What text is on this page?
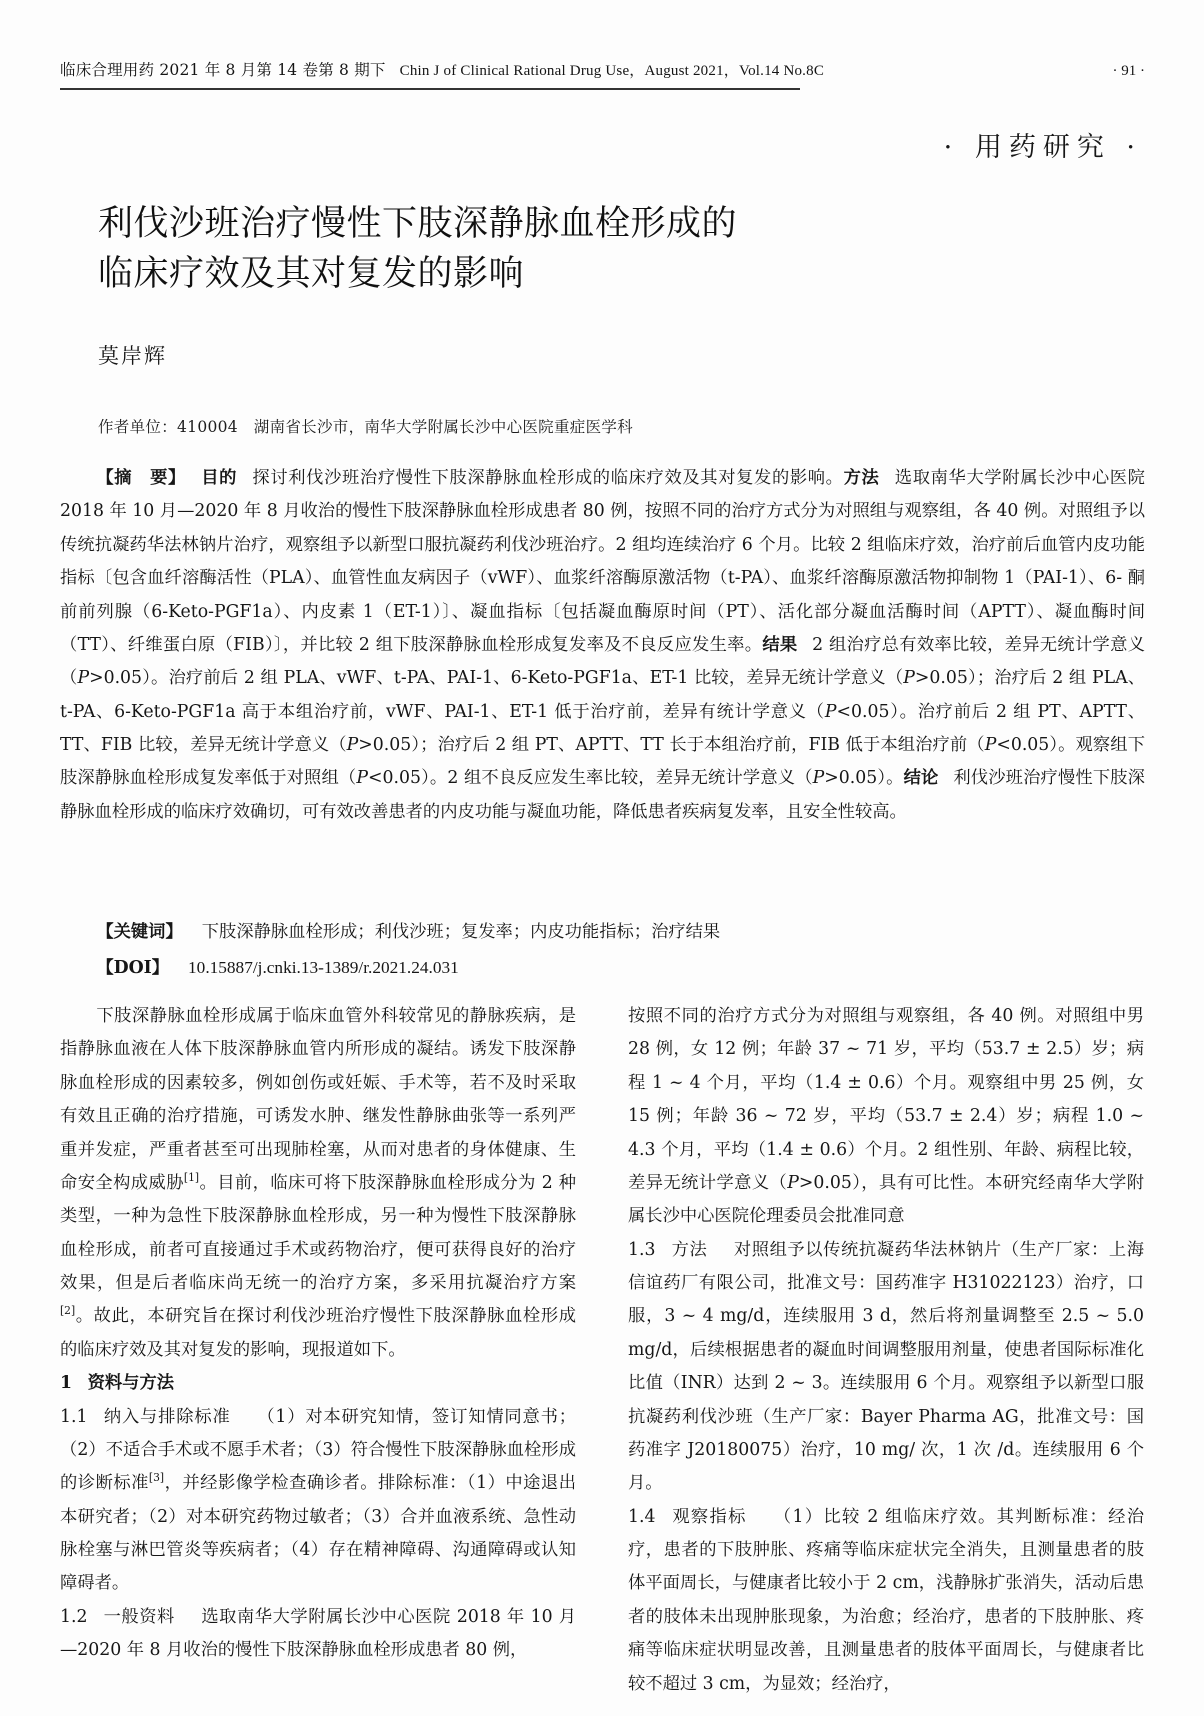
临床合理用药 2021 年 8 月第 14 卷第 8 期下 Chin J of Clinical Rational Drug Use，August 2021，Vol.14 No.8C	· 91 ·
· 用药研究 ·
利伐沙班治疗慢性下肢深静脉血栓形成的
临床疗效及其对复发的影响
莫岸辉
作者单位：410004　湖南省长沙市，南华大学附属长沙中心医院重症医学科

【摘　要】 目的 探讨利伐沙班治疗慢性下肢深静脉血栓形成的临床疗效及其对复发的影响。方法 选取南华大学附属长沙中心医院 2018 年 10 月—2020 年 8 月收治的慢性下肢深静脉血栓形成患者 80 例，按照不同的治疗方式分为对照组与观察组，各 40 例。对照组予以传统抗凝药华法林钠片治疗，观察组予以新型口服抗凝药利伐沙班治疗。2 组均连续治疗 6 个月。比较 2 组临床疗效，治疗前后血管内皮功能指标〔包含血纤溶酶活性（PLA）、血管性血友病因子（vWF）、血浆纤溶酶原激活物（t-PA）、血浆纤溶酶原激活物抑制物 1（PAI-1）、6- 酮前前列腺（6-Keto-PGF1a）、内皮素 1（ET-1）〕、凝血指标〔包括凝血酶原时间（PT）、活化部分凝血活酶时间（APTT）、凝血酶时间（TT）、纤维蛋白原（FIB）〕，并比较 2 组下肢深静脉血栓形成复发率及不良反应发生率。结果 2 组治疗总有效率比较，差异无统计学意义（P>0.05）。治疗前后 2 组 PLA、vWF、t-PA、PAI-1、6-Keto-PGF1a、ET-1 比较，差异无统计学意义（P>0.05）；治疗后 2 组 PLA、t-PA、6-Keto-PGF1a 高于本组治疗前，vWF、PAI-1、ET-1 低于治疗前，差异有统计学意义（P<0.05）。治疗前后 2 组 PT、APTT、TT、FIB 比较，差异无统计学意义（P>0.05）；治疗后 2 组 PT、APTT、TT 长于本组治疗前，FIB 低于本组治疗前（P<0.05）。观察组下肢深静脉血栓形成复发率低于对照组（P<0.05）。2 组不良反应发生率比较，差异无统计学意义（P>0.05）。结论 利伐沙班治疗慢性下肢深静脉血栓形成的临床疗效确切，可有效改善患者的内皮功能与凝血功能，降低患者疾病复发率，且安全性较高。

【关键词】 下肢深静脉血栓形成；利伐沙班；复发率；内皮功能指标；治疗结果
【DOI】 10.15887/j.cnki.13-1389/r.2021.24.031

下肢深静脉血栓形成属于临床血管外科较常见的静脉疾病，是指静脉血液在人体下肢深静脉血管内所形成的凝结。诱发下肢深静脉血栓形成的因素较多，例如创伤或妊娠、手术等，若不及时采取有效且正确的治疗措施，可诱发水肿、继发性静脉曲张等一系列严重并发症，严重者甚至可出现肺栓塞，从而对患者的身体健康、生命安全构成威胁[1]。目前，临床可将下肢深静脉血栓形成分为 2 种类型，一种为急性下肢深静脉血栓形成，另一种为慢性下肢深静脉血栓形成，前者可直接通过手术或药物治疗，便可获得良好的治疗效果，但是后者临床尚无统一的治疗方案，多采用抗凝治疗方案[2]。故此，本研究旨在探讨利伐沙班治疗慢性下肢深静脉血栓形成的临床疗效及其对复发的影响，现报道如下。

1 资料与方法

1.1 纳入与排除标准 （1）对本研究知情，签订知情同意书；（2）不适合手术或不愿手术者；（3）符合慢性下肢深静脉血栓形成的诊断标准[3]，并经影像学检查确诊者。排除标准：（1）中途退出本研究者；（2）对本研究药物过敏者；（3）合并血液系统、急性动脉栓塞与淋巴管炎等疾病者；（4）存在精神障碍、沟通障碍或认知障碍者。

1.2 一般资料 选取南华大学附属长沙中心医院 2018 年 10 月—2020 年 8 月收治的慢性下肢深静脉血栓形成患者 80 例，

按照不同的治疗方式分为对照组与观察组，各 40 例。对照组中男 28 例，女 12 例；年龄 37 ~ 71 岁，平均（53.7 ± 2.5）岁；病程 1 ~ 4 个月，平均（1.4 ± 0.6）个月。观察组中男 25 例，女 15 例；年龄 36 ~ 72 岁，平均（53.7 ± 2.4）岁；病程 1.0 ~ 4.3 个月，平均（1.4 ± 0.6）个月。2 组性别、年龄、病程比较，差异无统计学意义（P>0.05），具有可比性。本研究经南华大学附属长沙中心医院伦理委员会批准同意

1.3 方法 对照组予以传统抗凝药华法林钠片（生产厂家：上海信谊药厂有限公司，批准文号：国药准字 H31022123）治疗，口服，3 ~ 4 mg/d，连续服用 3 d，然后将剂量调整至 2.5 ~ 5.0 mg/d，后续根据患者的凝血时间调整服用剂量，使患者国际标准化比值（INR）达到 2 ~ 3。连续服用 6 个月。观察组予以新型口服抗凝药利伐沙班（生产厂家：Bayer Pharma AG，批准文号：国药准字 J20180075）治疗，10 mg/ 次，1 次 /d。连续服用 6 个月。

1.4 观察指标 （1）比较 2 组临床疗效。其判断标准：经治疗，患者的下肢肿胀、疼痛等临床症状完全消失，且测量患者的肢体平面周长，与健康者比较小于 2 cm，浅静脉扩张消失，活动后患者的肢体未出现肿胀现象，为治愈；经治疗，患者的下肢肿胀、疼痛等临床症状明显改善，且测量患者的肢体平面周长，与健康者比较不超过 3 cm，为显效；经治疗，
